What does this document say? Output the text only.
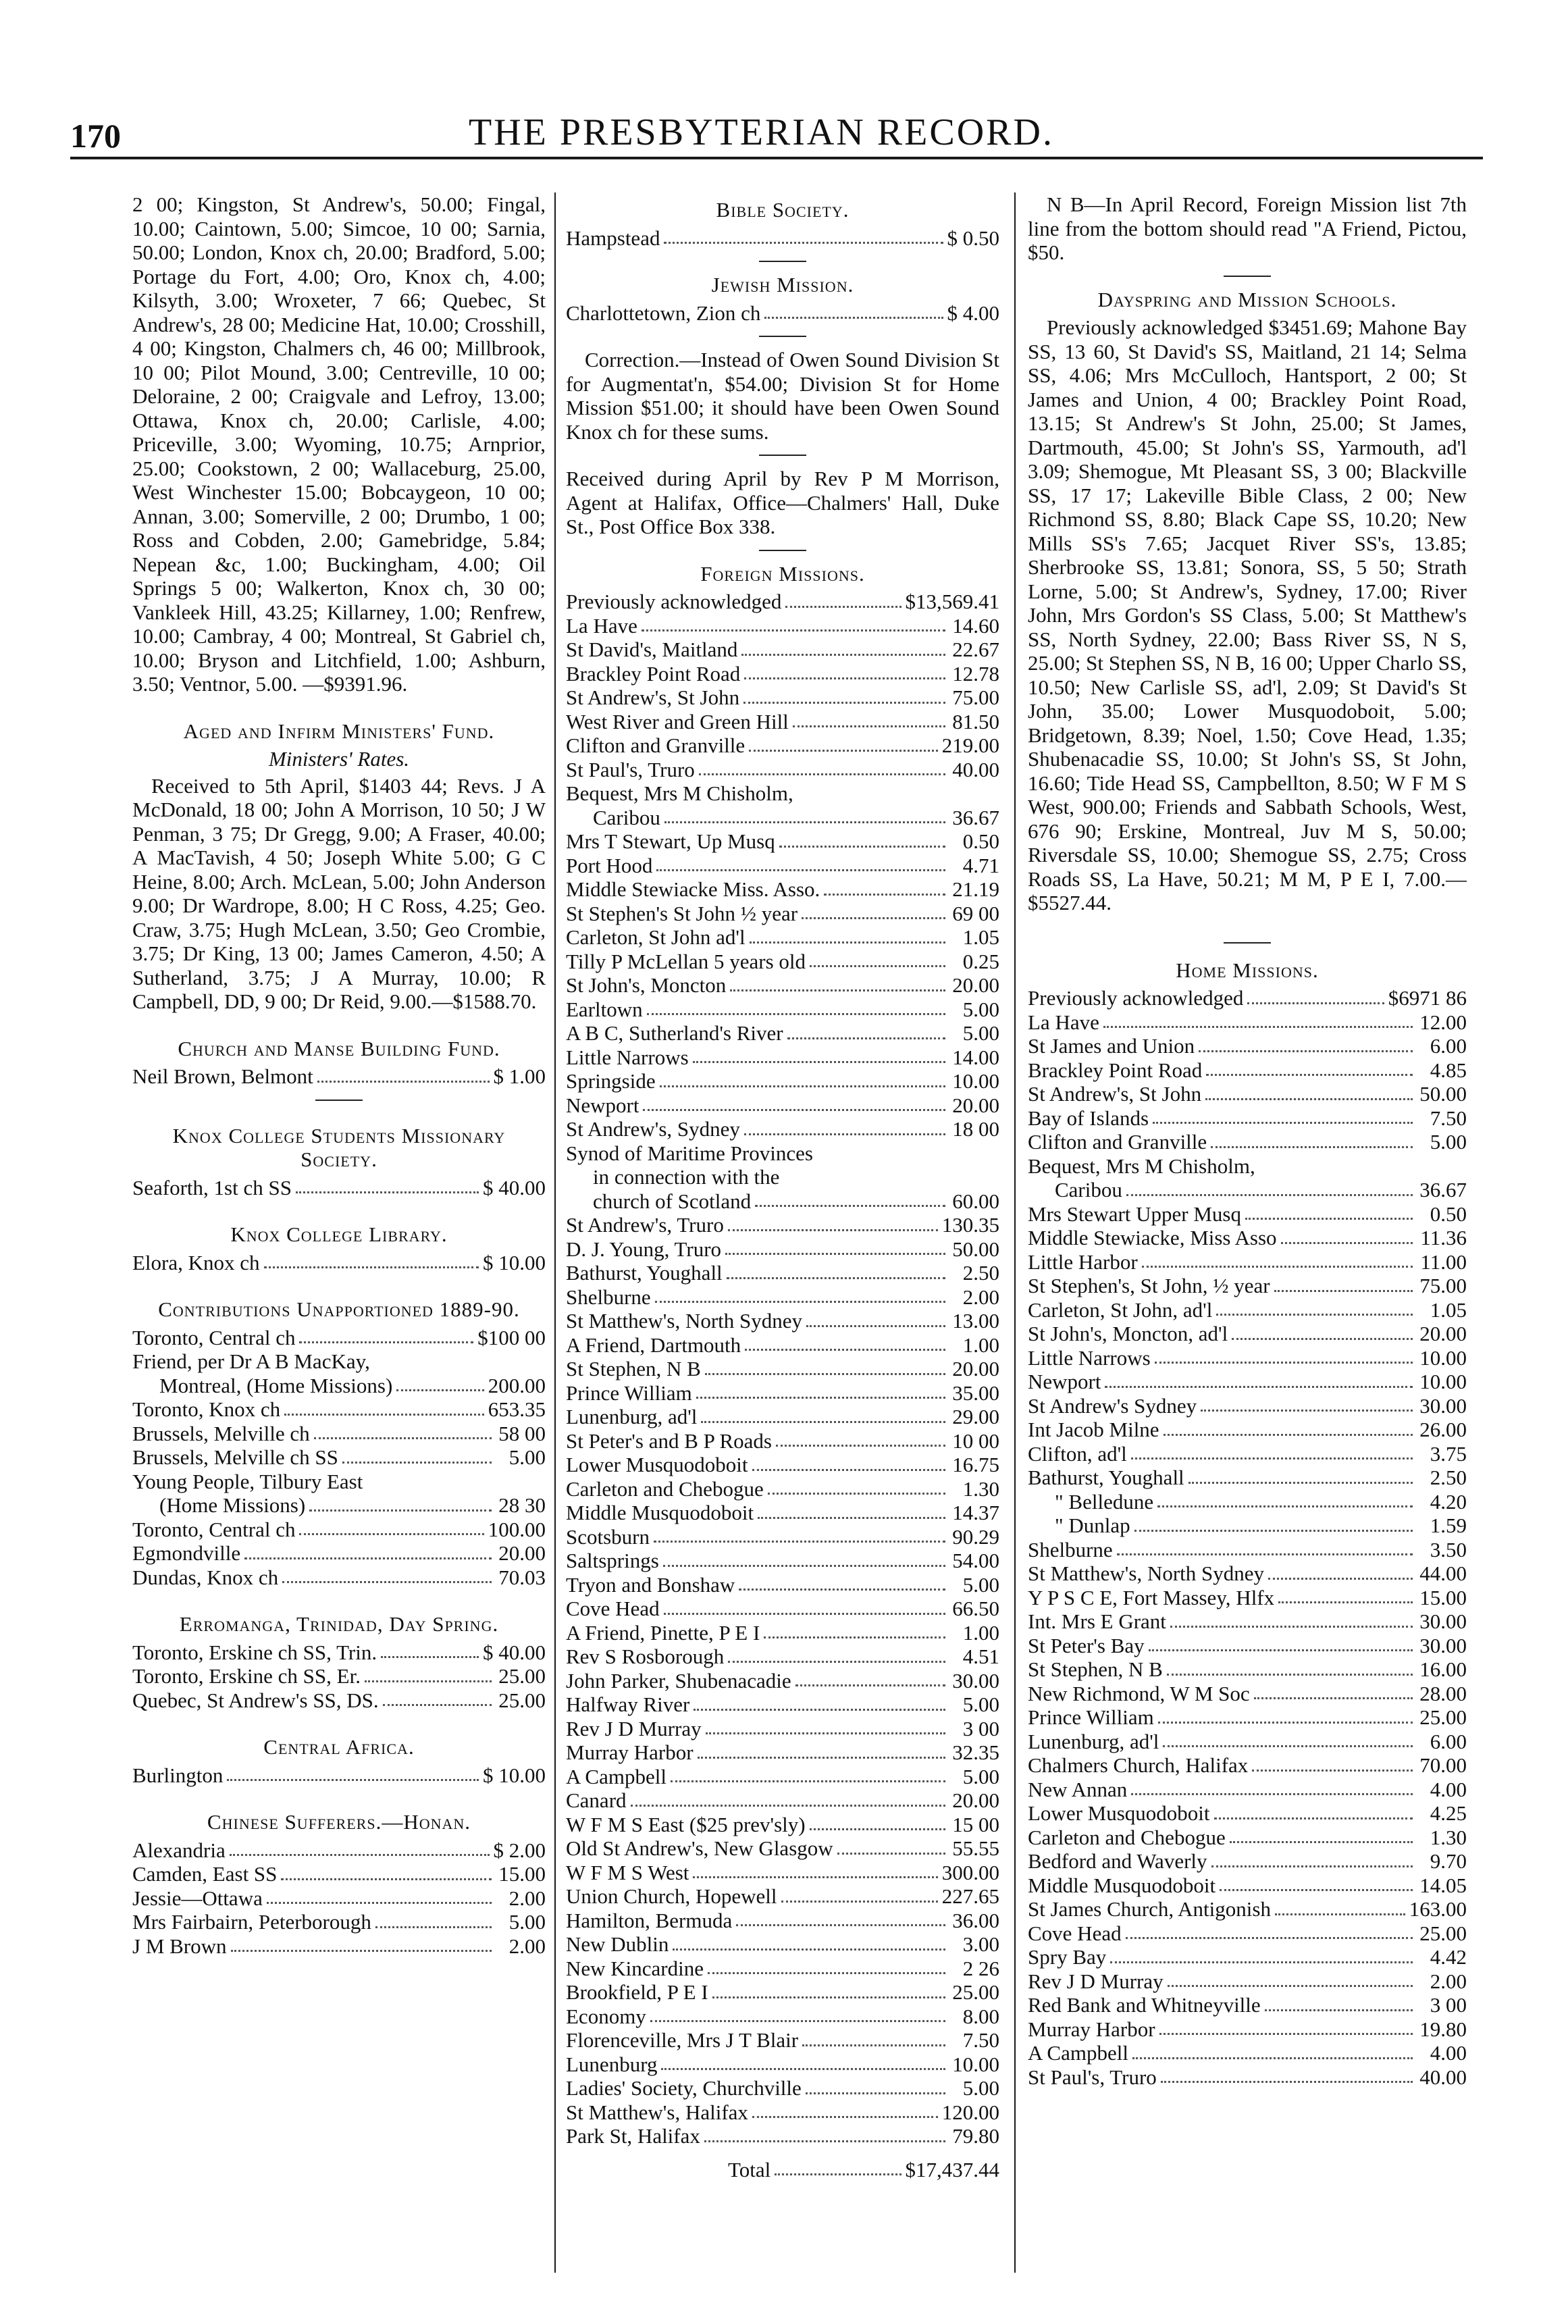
170	THE PRESBYTERIAN RECORD.

2 00; Kingston, St Andrew's, 50.00; Fingal, 10.00; Caintown, 5.00; Simcoe, 10 00; Sarnia, 50.00; London, Knox ch, 20.00; Bradford, 5.00; Portage du Fort, 4.00; Oro, Knox ch, 4.00; Kilsyth, 3.00; Wroxeter, 7 66; Quebec, St Andrew's, 28 00; Medicine Hat, 10.00; Crosshill, 4 00; Kingston, Chalmers ch, 46 00; Millbrook, 10 00; Pilot Mound, 3.00; Centreville, 10 00; Deloraine, 2 00; Craigvale and Lefroy, 13.00; Ottawa, Knox ch, 20.00; Carlisle, 4.00; Priceville, 3.00; Wyoming, 10.75; Arnprior, 25.00; Cookstown, 2 00; Wallaceburg, 25.00, West Winchester 15.00; Bobcaygeon, 10 00; Annan, 3.00; Somerville, 2 00; Drumbo, 1 00; Ross and Cobden, 2.00; Gamebridge, 5.84; Nepean &c, 1.00; Buckingham, 4.00; Oil Springs 5 00; Walkerton, Knox ch, 30 00; Vankleek Hill, 43.25; Killarney, 1.00; Renfrew, 10.00; Cambray, 4 00; Montreal, St Gabriel ch, 10.00; Bryson and Litchfield, 1.00; Ashburn, 3.50; Ventnor, 5.00. —$9391.96.

Aged and Infirm Ministers' Fund.
Ministers' Rates.

Received to 5th April, $1403 44; Revs. J A McDonald, 18 00; John A Morrison, 10 50; J W Penman, 3 75; Dr Gregg, 9.00; A Fraser, 40.00; A MacTavish, 4 50; Joseph White 5.00; G C Heine, 8.00; Arch. McLean, 5.00; John Anderson 9.00; Dr Wardrope, 8.00; H C Ross, 4.25; Geo. Craw, 3.75; Hugh McLean, 3.50; Geo Crombie, 3.75; Dr King, 13 00; James Cameron, 4.50; A Sutherland, 3.75; J A Murray, 10.00; R Campbell, DD, 9 00; Dr Reid, 9.00.—$1588.70.

Church and Manse Building Fund.
Neil Brown, Belmont	$ 1.00
Knox College Students Missionary Society.
Seaforth, 1st ch SS	$ 40.00
Knox College Library.
Elora, Knox ch	$ 10.00
Contributions Unapportioned 1889-90.
Toronto, Central ch	$100 00
Friend, per Dr A B MacKay,
Montreal, (Home Missions)	200.00
Toronto, Knox ch	653.35
Brussels, Melville ch	58 00
Brussels, Melville ch SS	5.00
Young People, Tilbury East
(Home Missions)	28 30
Toronto, Central ch	100.00
Egmondville	20.00
Dundas, Knox ch	70.03
Erromanga, Trinidad, Day Spring.
Toronto, Erskine ch SS, Trin.	$ 40.00
Toronto, Erskine ch SS, Er.	25.00
Quebec, St Andrew's SS, DS.	25.00
Central Africa.
Burlington	$ 10.00
Chinese Sufferers.—Honan.
Alexandria	$ 2.00
Camden, East SS	15.00
Jessie—Ottawa	2.00
Mrs Fairbairn, Peterborough	5.00
J M Brown	2.00
Bible Society.
Hampstead	$ 0.50
Jewish Mission.
Charlottetown, Zion ch	$ 4.00

Correction.—Instead of Owen Sound Division St for Augmentat'n, $54.00; Division St for Home Mission $51.00; it should have been Owen Sound Knox ch for these sums.

Received during April by Rev P M Morrison, Agent at Halifax, Office—Chalmers' Hall, Duke St., Post Office Box 338.

Foreign Missions.
Previously acknowledged	$13,569.41
La Have	14.60
St David's, Maitland	22.67
Brackley Point Road	12.78
St Andrew's, St John	75.00
West River and Green Hill	81.50
Clifton and Granville	219.00
St Paul's, Truro	40.00
Bequest, Mrs M Chisholm,
Caribou	36.67
Mrs T Stewart, Up Musq	0.50
Port Hood	4.71
Middle Stewiacke Miss. Asso.	21.19
St Stephen's St John ½ year	69 00
Carleton, St John ad'l	1.05
Tilly P McLellan 5 years old	0.25
St John's, Moncton	20.00
Earltown	5.00
A B C, Sutherland's River	5.00
Little Narrows	14.00
Springside	10.00
Newport	20.00
St Andrew's, Sydney	18 00
Synod of Maritime Provinces
in connection with the
church of Scotland	60.00
St Andrew's, Truro	130.35
D. J. Young, Truro	50.00
Bathurst, Youghall	2.50
Shelburne	2.00
St Matthew's, North Sydney	13.00
A Friend, Dartmouth	1.00
St Stephen, N B	20.00
Prince William	35.00
Lunenburg, ad'l	29.00
St Peter's and B P Roads	10 00
Lower Musquodoboit	16.75
Carleton and Chebogue	1.30
Middle Musquodoboit	14.37
Scotsburn	90.29
Saltsprings	54.00
Tryon and Bonshaw	5.00
Cove Head	66.50
A Friend, Pinette, P E I	1.00
Rev S Rosborough	4.51
John Parker, Shubenacadie	30.00
Halfway River	5.00
Rev J D Murray	3 00
Murray Harbor	32.35
A Campbell	5.00
Canard	20.00
W F M S East ($25 prev'sly)	15 00
Old St Andrew's, New Glasgow	55.55
W F M S West	300.00
Union Church, Hopewell	227.65
Hamilton, Bermuda	36.00
New Dublin	3.00
New Kincardine	2 26
Brookfield, P E I	25.00
Economy	8.00
Florenceville, Mrs J T Blair	7.50
Lunenburg	10.00
Ladies' Society, Churchville	5.00
St Matthew's, Halifax	120.00
Park St, Halifax	79.80
Total	$17,437.44

N B—In April Record, Foreign Mission list 7th line from the bottom should read "A Friend, Pictou, $50.

Dayspring and Mission Schools.

Previously acknowledged $3451.69; Mahone Bay SS, 13 60, St David's SS, Maitland, 21 14; Selma SS, 4.06; Mrs McCulloch, Hantsport, 2 00; St James and Union, 4 00; Brackley Point Road, 13.15; St Andrew's St John, 25.00; St James, Dartmouth, 45.00; St John's SS, Yarmouth, ad'l 3.09; Shemogue, Mt Pleasant SS, 3 00; Blackville SS, 17 17; Lakeville Bible Class, 2 00; New Richmond SS, 8.80; Black Cape SS, 10.20; New Mills SS's 7.65; Jacquet River SS's, 13.85; Sherbrooke SS, 13.81; Sonora, SS, 5 50; Strath Lorne, 5.00; St Andrew's, Sydney, 17.00; River John, Mrs Gordon's SS Class, 5.00; St Matthew's SS, North Sydney, 22.00; Bass River SS, N S, 25.00; St Stephen SS, N B, 16 00; Upper Charlo SS, 10.50; New Carlisle SS, ad'l, 2.09; St David's St John, 35.00; Lower Musquodoboit, 5.00; Bridgetown, 8.39; Noel, 1.50; Cove Head, 1.35; Shubenacadie SS, 10.00; St John's SS, St John, 16.60; Tide Head SS, Campbellton, 8.50; W F M S West, 900.00; Friends and Sabbath Schools, West, 676 90; Erskine, Montreal, Juv M S, 50.00; Riversdale SS, 10.00; Shemogue SS, 2.75; Cross Roads SS, La Have, 50.21; M M, P E I, 7.00.—$5527.44.

Home Missions.
Previously acknowledged	$6971 86
La Have	12.00
St James and Union	6.00
Brackley Point Road	4.85
St Andrew's, St John	50.00
Bay of Islands	7.50
Clifton and Granville	5.00
Bequest, Mrs M Chisholm,
Caribou	36.67
Mrs Stewart Upper Musq	0.50
Middle Stewiacke, Miss Asso	11.36
Little Harbor	11.00
St Stephen's, St John, ½ year	75.00
Carleton, St John, ad'l	1.05
St John's, Moncton, ad'l	20.00
Little Narrows	10.00
Newport	10.00
St Andrew's Sydney	30.00
Int Jacob Milne	26.00
Clifton, ad'l	3.75
Bathurst, Youghall	2.50
" Belledune	4.20
" Dunlap	1.59
Shelburne	3.50
St Matthew's, North Sydney	44.00
Y P S C E, Fort Massey, Hlfx	15.00
Int. Mrs E Grant	30.00
St Peter's Bay	30.00
St Stephen, N B	16.00
New Richmond, W M Soc	28.00
Prince William	25.00
Lunenburg, ad'l	6.00
Chalmers Church, Halifax	70.00
New Annan	4.00
Lower Musquodoboit	4.25
Carleton and Chebogue	1.30
Bedford and Waverly	9.70
Middle Musquodoboit	14.05
St James Church, Antigonish	163.00
Cove Head	25.00
Spry Bay	4.42
Rev J D Murray	2.00
Red Bank and Whitneyville	3 00
Murray Harbor	19.80
A Campbell	4.00
St Paul's, Truro	40.00
